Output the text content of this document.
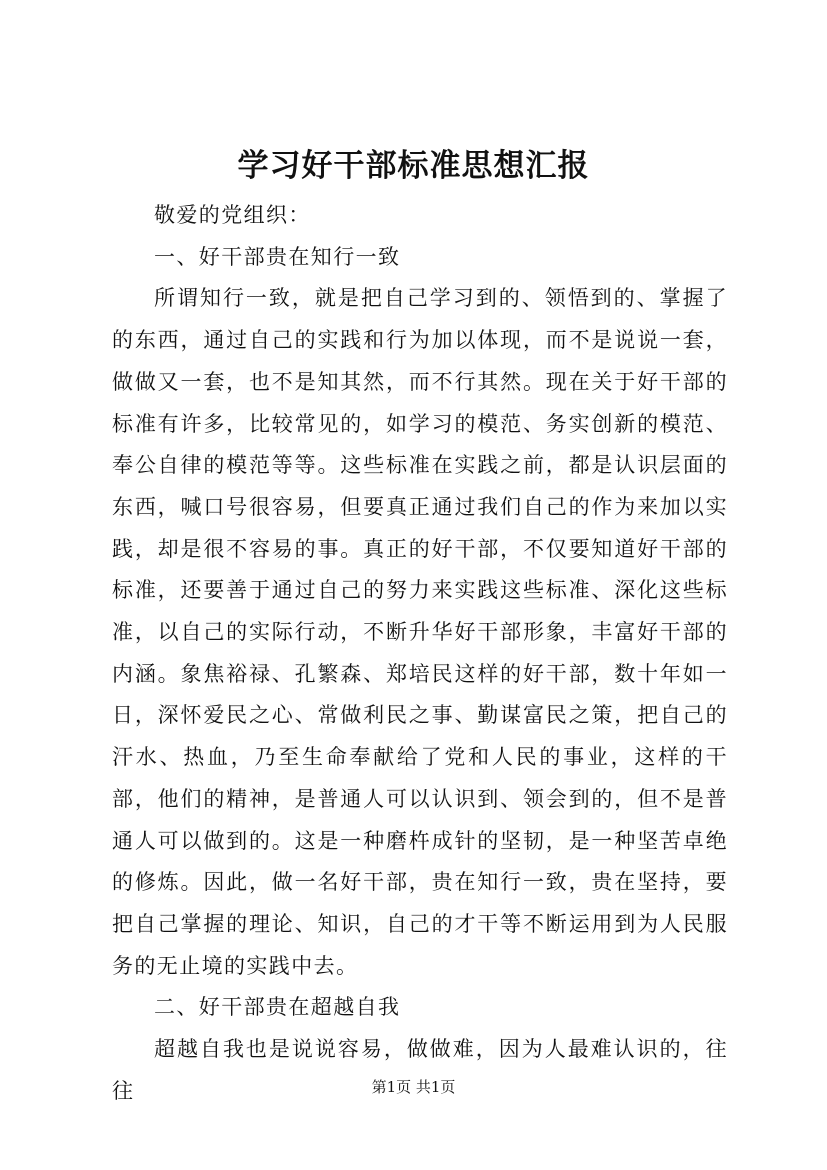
学习好干部标准思想汇报

敬爱的党组织：

一、好干部贵在知行一致

所谓知行一致，就是把自己学习到的、领悟到的、掌握了的东西，通过自己的实践和行为加以体现，而不是说说一套，做做又一套，也不是知其然，而不行其然。现在关于好干部的标准有许多，比较常见的，如学习的模范、务实创新的模范、奉公自律的模范等等。这些标准在实践之前，都是认识层面的东西，喊口号很容易，但要真正通过我们自己的作为来加以实践，却是很不容易的事。真正的好干部，不仅要知道好干部的标准，还要善于通过自己的努力来实践这些标准、深化这些标准，以自己的实际行动，不断升华好干部形象，丰富好干部的内涵。象焦裕禄、孔繁森、郑培民这样的好干部，数十年如一日，深怀爱民之心、常做利民之事、勤谋富民之策，把自己的汗水、热血，乃至生命奉献给了党和人民的事业，这样的干部，他们的精神，是普通人可以认识到、领会到的，但不是普通人可以做到的。这是一种磨杵成针的坚韧，是一种坚苦卓绝的修炼。因此，做一名好干部，贵在知行一致，贵在坚持，要把自己掌握的理论、知识，自己的才干等不断运用到为人民服务的无止境的实践中去。

二、好干部贵在超越自我

超越自我也是说说容易，做做难，因为人最难认识的，往往	第1页 共1页
